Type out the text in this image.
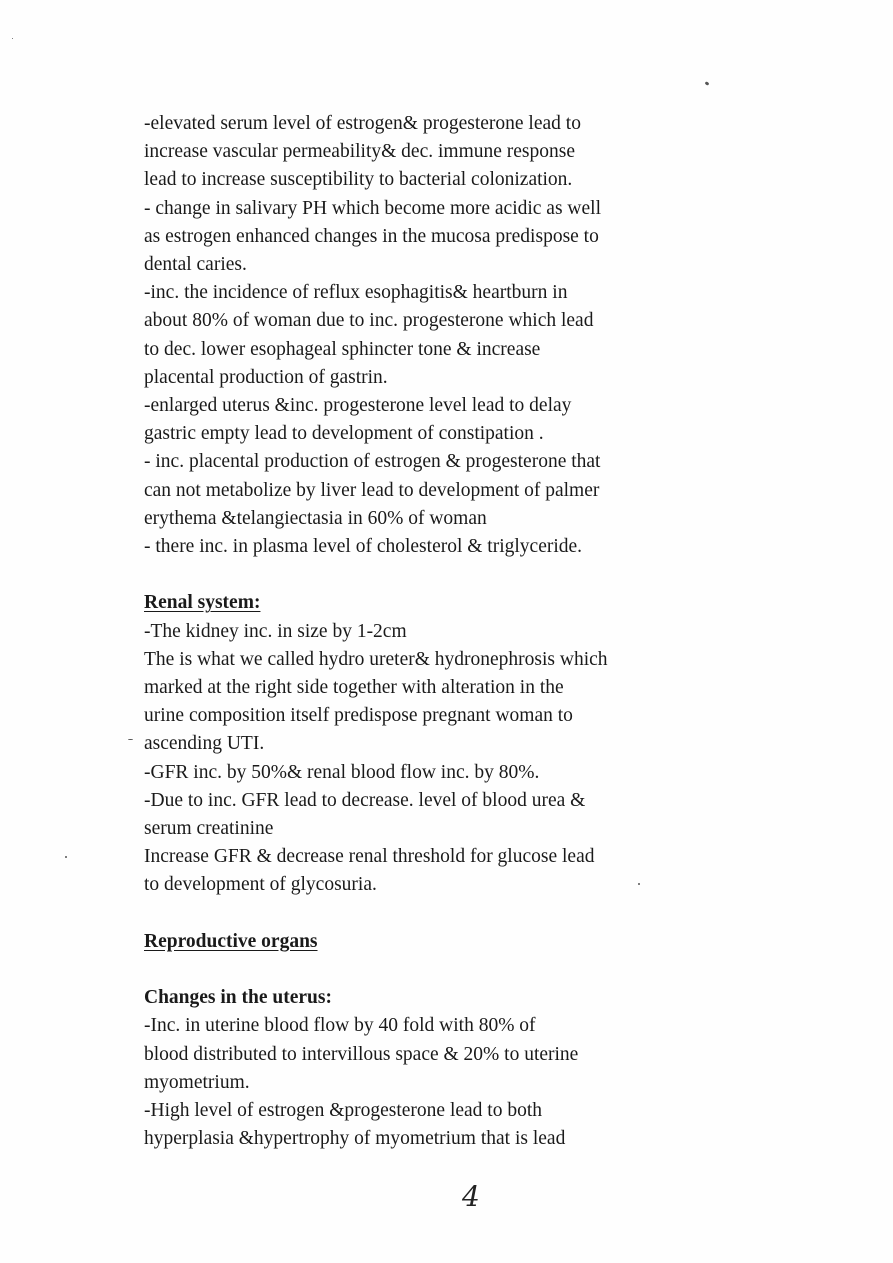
-elevated serum level of estrogen& progesterone lead to
increase vascular permeability& dec. immune response
lead to increase susceptibility to bacterial colonization.
- change in salivary PH which become more acidic as well
as estrogen enhanced changes in the mucosa predispose to
dental caries.
-inc. the incidence of reflux esophagitis& heartburn in
about 80% of woman due to inc. progesterone which lead
to dec. lower esophageal sphincter tone & increase
placental production of gastrin.
-enlarged uterus &inc. progesterone level lead to delay
gastric empty lead to development of constipation .
- inc. placental production of estrogen & progesterone that
can not metabolize by liver lead to development of palmer
erythema &telangiectasia in 60% of woman
- there inc. in plasma level of cholesterol & triglyceride.
Renal system:
-The kidney inc. in size by 1-2cm
The is what we called hydro ureter& hydronephrosis which
marked at the right side together with alteration in the
urine composition itself predispose pregnant woman to
ascending UTI.
-GFR inc. by 50%& renal blood flow inc. by 80%.
-Due to inc. GFR lead to decrease. level of blood urea &
serum creatinine
Increase GFR & decrease renal threshold for glucose lead
to development of glycosuria.
Reproductive organs
Changes in the uterus:
-Inc. in uterine blood flow by 40 fold with 80% of
blood distributed to intervillous space & 20% to uterine
myometrium.
-High level of estrogen &progesterone lead to both
hyperplasia &hypertrophy of myometrium that is lead
4
